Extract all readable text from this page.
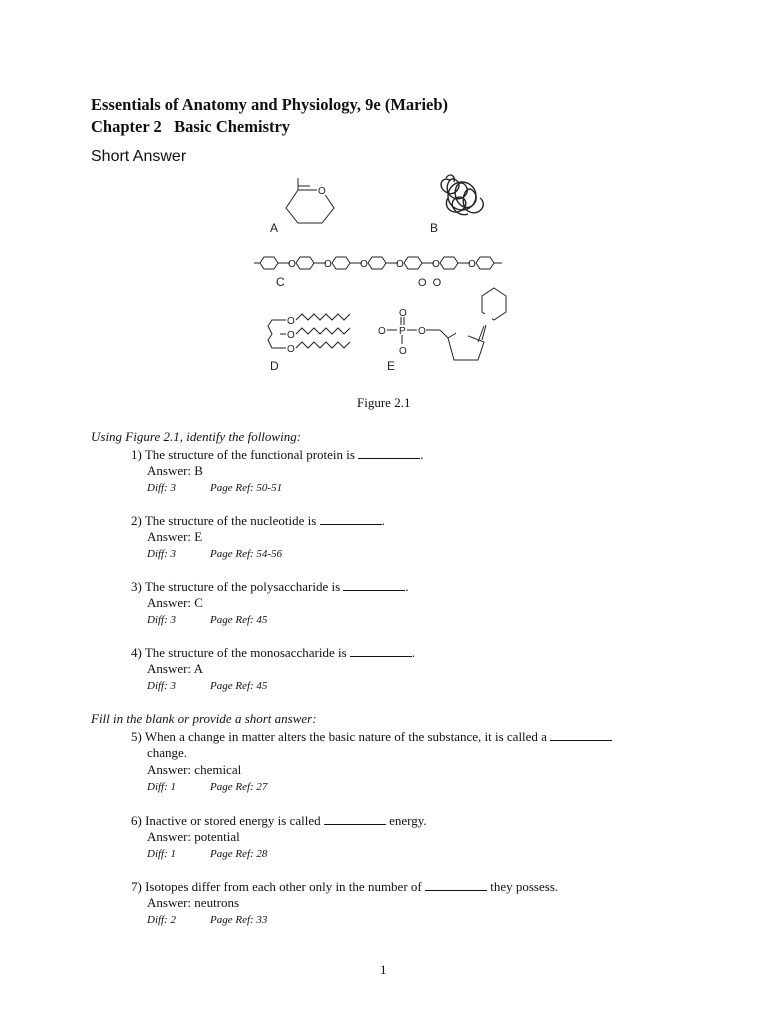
Essentials of Anatomy and Physiology, 9e (Marieb)
Chapter 2   Basic Chemistry
Short Answer
O
A	B
O	O	O	O	O	O
C	O  O
O
O
O
D
O
O P O
O
E
Figure 2.1
Using Figure 2.1, identify the following:
1) The structure of the functional protein is	.
Answer: B
Diff: 3	Page Ref: 50-51
2) The structure of the nucleotide is	.
Answer: E
Diff: 3	Page Ref: 54-56
3) The structure of the polysaccharide is	.
Answer: C
Diff: 3	Page Ref: 45
4) The structure of the monosaccharide is	.
Answer: A
Diff: 3	Page Ref: 45
Fill in the blank or provide a short answer:
5) When a change in matter alters the basic nature of the substance, it is called a
change.
Answer: chemical
Diff: 1	Page Ref: 27
6) Inactive or stored energy is called	energy.
Answer: potential
Diff: 1	Page Ref: 28
7) Isotopes differ from each other only in the number of	they possess.
Answer: neutrons
Diff: 2	Page Ref: 33
1
